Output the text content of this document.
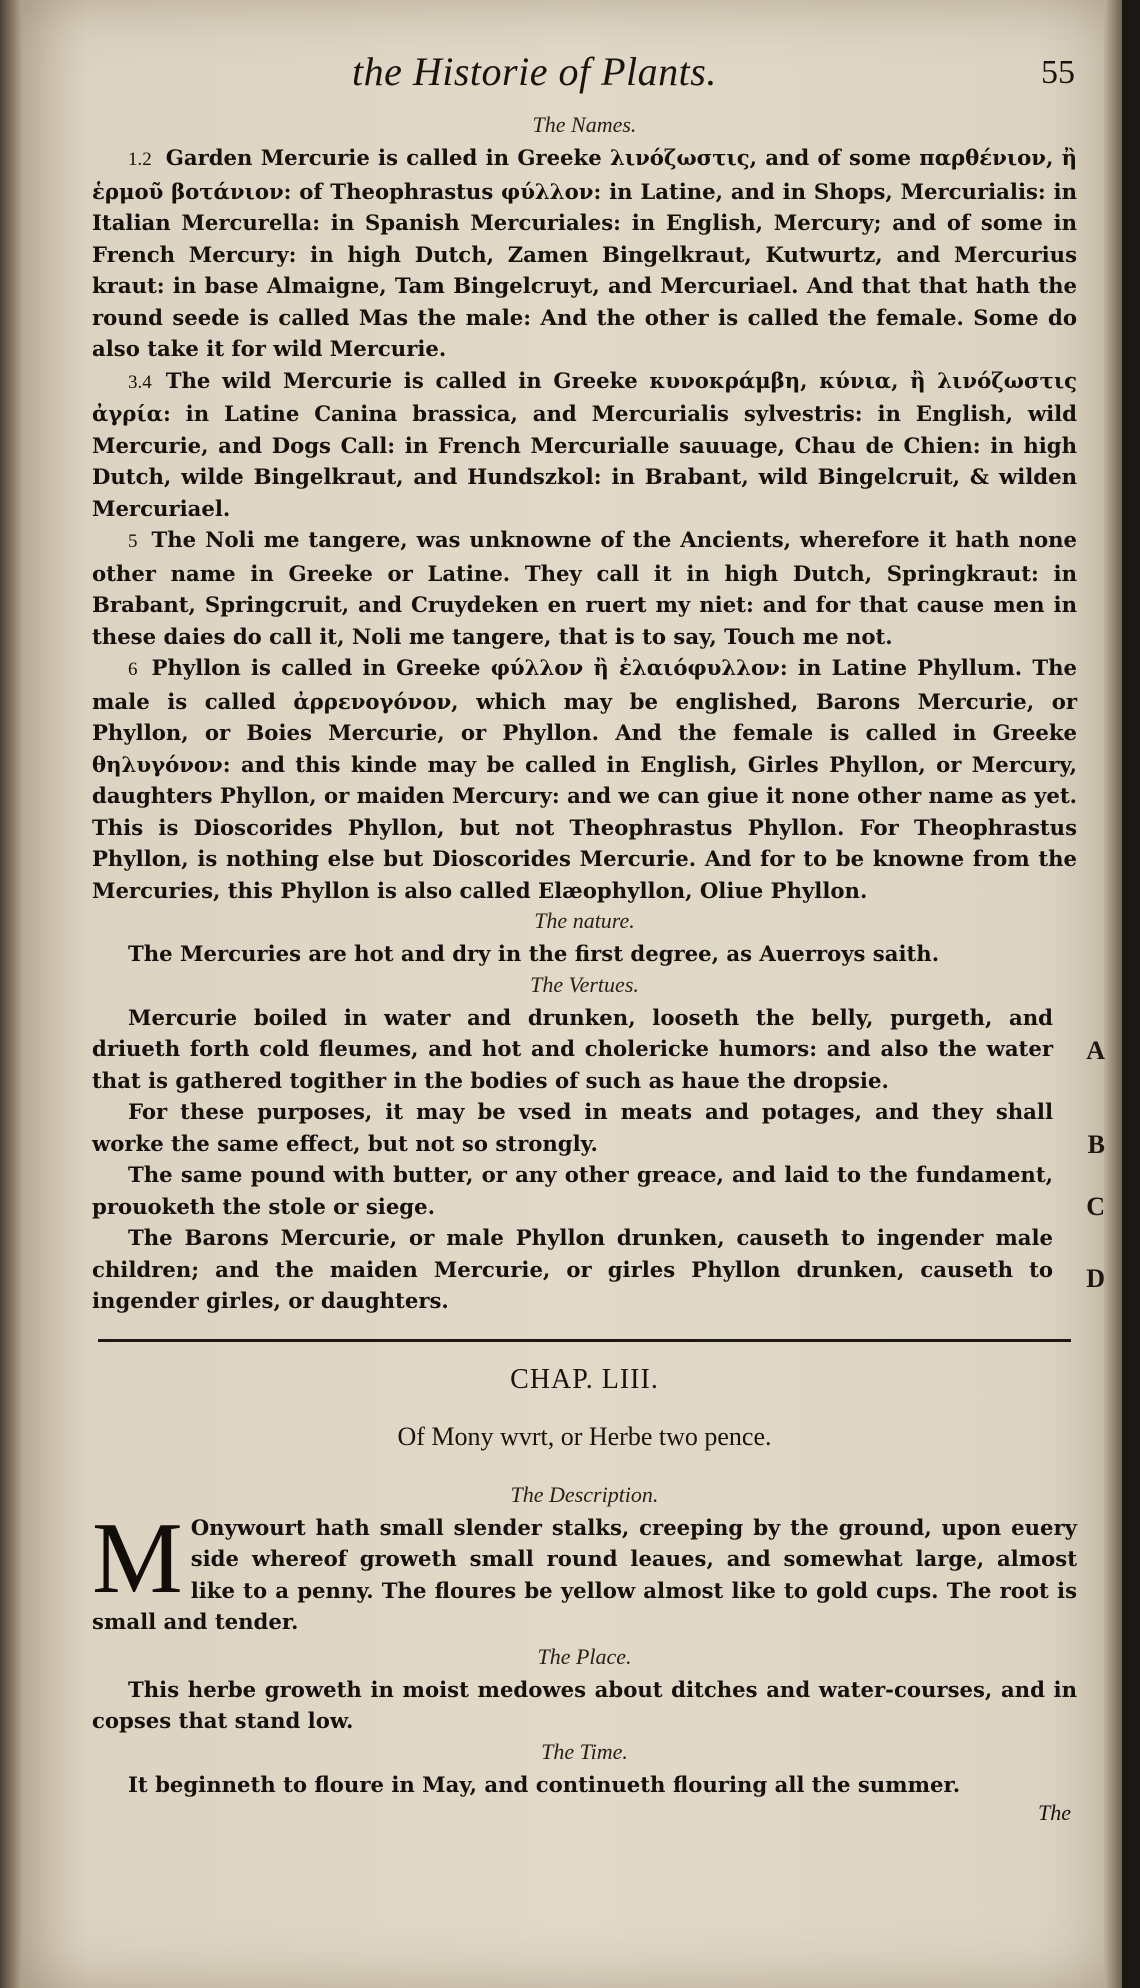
the Historie of Plants.	55
The Names.

1.2 Garden Mercurie is called in Greeke λινόζωστις, and of some παρθένιον, ἢ ἑρμοῦ βοτάνιον: of Theophrastus φύλλον: in Latine, and in Shops, Mercurialis: in Italian Mercurella: in Spanish Mercuriales: in English, Mercury; and of some in French Mercury: in high Dutch, Zamen Bingelkraut, Kutwurtz, and Mercurius kraut: in base Almaigne, Tam Bingelcruyt, and Mercuriael. And that that hath the round seede is called Mas the male: And the other is called the female. Some do also take it for wild Mercurie.

3.4 The wild Mercurie is called in Greeke κυνοκράμβη, κύνια, ἢ λινόζωστις ἀγρία: in Latine Canina brassica, and Mercurialis sylvestris: in English, wild Mercurie, and Dogs Call: in French Mercurialle sauuage, Chau de Chien: in high Dutch, wilde Bingelkraut, and Hundszkol: in Brabant, wild Bingelcruit, & wilden Mercuriael.

5 The Noli me tangere, was unknowne of the Ancients, wherefore it hath none other name in Greeke or Latine. They call it in high Dutch, Springkraut: in Brabant, Springcruit, and Cruydeken en ruert my niet: and for that cause men in these daies do call it, Noli me tangere, that is to say, Touch me not.

6 Phyllon is called in Greeke φύλλον ἢ ἐλαιόφυλλον: in Latine Phyllum. The male is called ἀρρενογόνον, which may be englished, Barons Mercurie, or Phyllon, or Boies Mercurie, or Phyllon. And the female is called in Greeke θηλυγόνον: and this kinde may be called in English, Girles Phyllon, or Mercury, daughters Phyllon, or maiden Mercury: and we can giue it none other name as yet. This is Dioscorides Phyllon, but not Theophrastus Phyllon. For Theophrastus Phyllon, is nothing else but Dioscorides Mercurie. And for to be knowne from the Mercuries, this Phyllon is also called Elæophyllon, Oliue Phyllon.

The nature.

The Mercuries are hot and dry in the first degree, as Auerroys saith.

The Vertues.

Mercurie boiled in water and drunken, looseth the belly, purgeth, and driueth forth cold fleumes, and hot and cholericke humors: and also the water that is gathered togither in the bodies of such as haue the dropsie.

For these purposes, it may be vsed in meats and potages, and they shall worke the same effect, but not so strongly.

The same pound with butter, or any other greace, and laid to the fundament, prouoketh the stole or siege.

The Barons Mercurie, or male Phyllon drunken, causeth to ingender male children; and the maiden Mercurie, or girles Phyllon drunken, causeth to ingender girles, or daughters.

A
B
C
D
CHAP. LIII.
Of Mony wvrt, or Herbe two pence.
The Description.
M Onywourt hath small slender stalks, creeping by the ground, upon euery side whereof groweth small round leaues, and somewhat large, almost like to a penny. The floures be yellow almost like to gold cups. The root is small and tender.

The Place.

This herbe groweth in moist medowes about ditches and water-courses, and in copses that stand low.

The Time.

It beginneth to floure in May, and continueth flouring all the summer.

The
